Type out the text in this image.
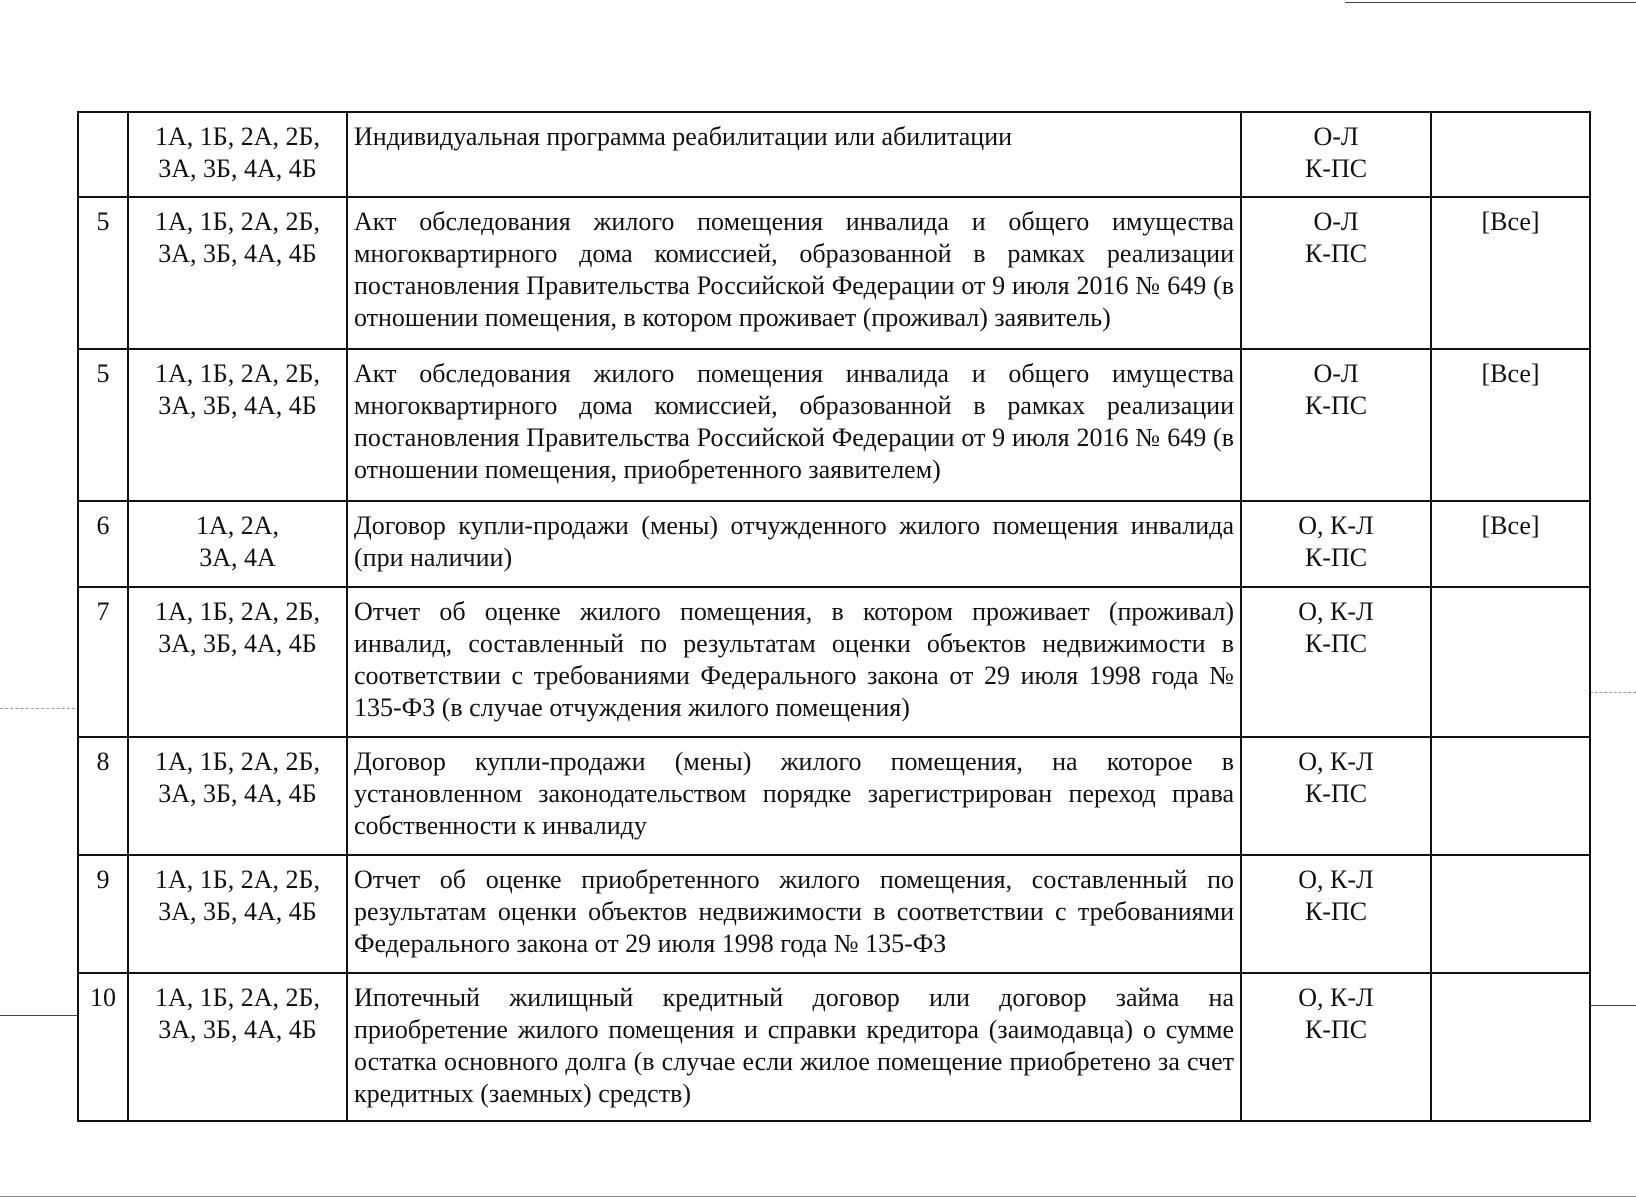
	1А, 1Б, 2А, 2Б,
3А, 3Б, 4А, 4Б	Индивидуальная программа реабилитации или абилитации	О-Л
К-ПС	

5	1А, 1Б, 2А, 2Б,
3А, 3Б, 4А, 4Б	Акт обследования жилого помещения инвалида и общего имущества многоквартирного дома комиссией, образованной в рамках реализации постановления Правительства Российской Федерации от 9 июля 2016 № 649 (в отношении помещения, в котором проживает (проживал) заявитель)	О-Л
К-ПС	[Все]
5	1А, 1Б, 2А, 2Б,
3А, 3Б, 4А, 4Б	Акт обследования жилого помещения инвалида и общего имущества многоквартирного дома комиссией, образованной в рамках реализации постановления Правительства Российской Федерации от 9 июля 2016 № 649 (в отношении помещения, приобретенного заявителем)	О-Л
К-ПС	[Все]
6	1А, 2А,
3А, 4А	Договор купли-продажи (мены) отчужденного жилого помещения инвалида (при наличии)	О, К-Л
К-ПС	[Все]
7	1А, 1Б, 2А, 2Б,
3А, 3Б, 4А, 4Б	Отчет об оценке жилого помещения, в котором проживает (проживал) инвалид, составленный по результатам оценки объектов недвижимости в соответствии с требованиями Федерального закона от 29 июля 1998 года № 135-ФЗ (в случае отчуждения жилого помещения)	О, К-Л
К-ПС	

8	1А, 1Б, 2А, 2Б,
3А, 3Б, 4А, 4Б	Договор купли-продажи (мены) жилого помещения, на которое в установленном законодательством порядке зарегистрирован переход права собственности к инвалиду	О, К-Л
К-ПС	

9	1А, 1Б, 2А, 2Б,
3А, 3Б, 4А, 4Б	Отчет об оценке приобретенного жилого помещения, составленный по результатам оценки объектов недвижимости в соответствии с требованиями Федерального закона от 29 июля 1998 года № 135-ФЗ	О, К-Л
К-ПС	

10	1А, 1Б, 2А, 2Б,
3А, 3Б, 4А, 4Б	Ипотечный жилищный кредитный договор или договор займа на приобретение жилого помещения и справки кредитора (заимодавца) о сумме остатка основного долга (в случае если жилое помещение приобретено за счет кредитных (заемных) средств)	О, К-Л
К-ПС	
